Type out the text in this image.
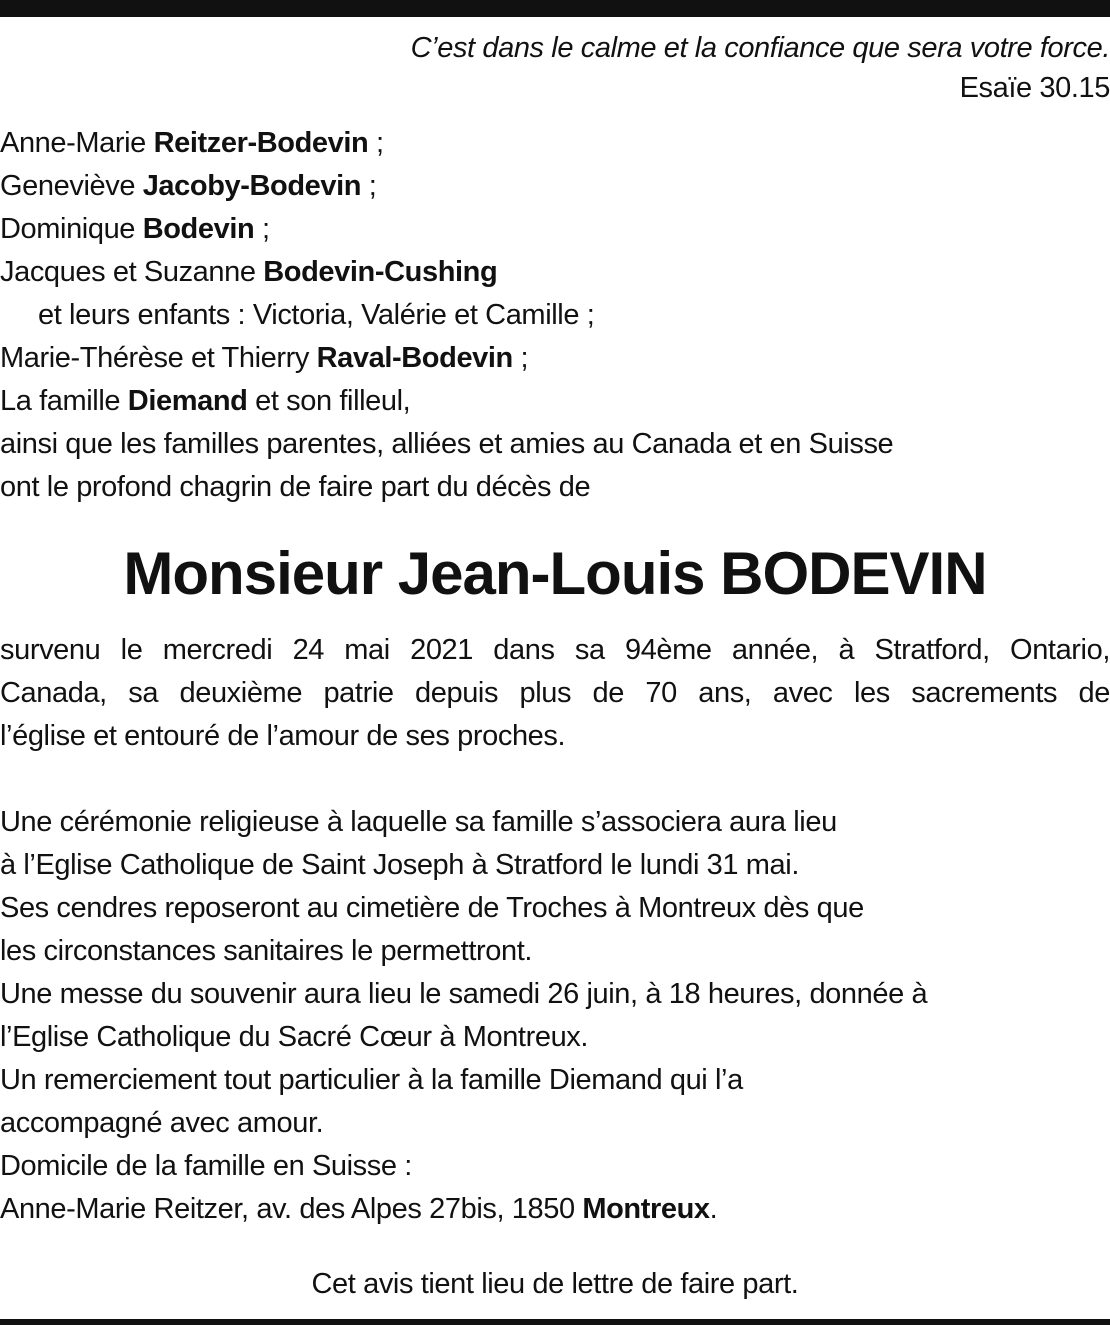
C’est dans le calme et la confiance que sera votre force.
Esaïe 30.15
Anne-Marie Reitzer-Bodevin ;
Geneviève Jacoby-Bodevin ;
Dominique Bodevin ;
Jacques et Suzanne Bodevin-Cushing
et leurs enfants : Victoria, Valérie et Camille ;
Marie-Thérèse et Thierry Raval-Bodevin ;
La famille Diemand et son filleul,
ainsi que les familles parentes, alliées et amies au Canada et en Suisse
ont le profond chagrin de faire part du décès de
Monsieur Jean-Louis BODEVIN
survenu le mercredi 24 mai 2021 dans sa 94ème année, à Stratford, Ontario,
Canada, sa deuxième patrie depuis plus de 70 ans, avec les sacrements de
l’église et entouré de l’amour de ses proches.
Une cérémonie religieuse à laquelle sa famille s’associera aura lieu
à l’Eglise Catholique de Saint Joseph à Stratford le lundi 31 mai.
Ses cendres reposeront au cimetière de Troches à Montreux dès que
les circonstances sanitaires le permettront.
Une messe du souvenir aura lieu le samedi 26 juin, à 18 heures, donnée à
l’Eglise Catholique du Sacré Cœur à Montreux.
Un remerciement tout particulier à la famille Diemand qui l’a
accompagné avec amour.
Domicile de la famille en Suisse :
Anne-Marie Reitzer, av. des Alpes 27bis, 1850 Montreux.
Cet avis tient lieu de lettre de faire part.
